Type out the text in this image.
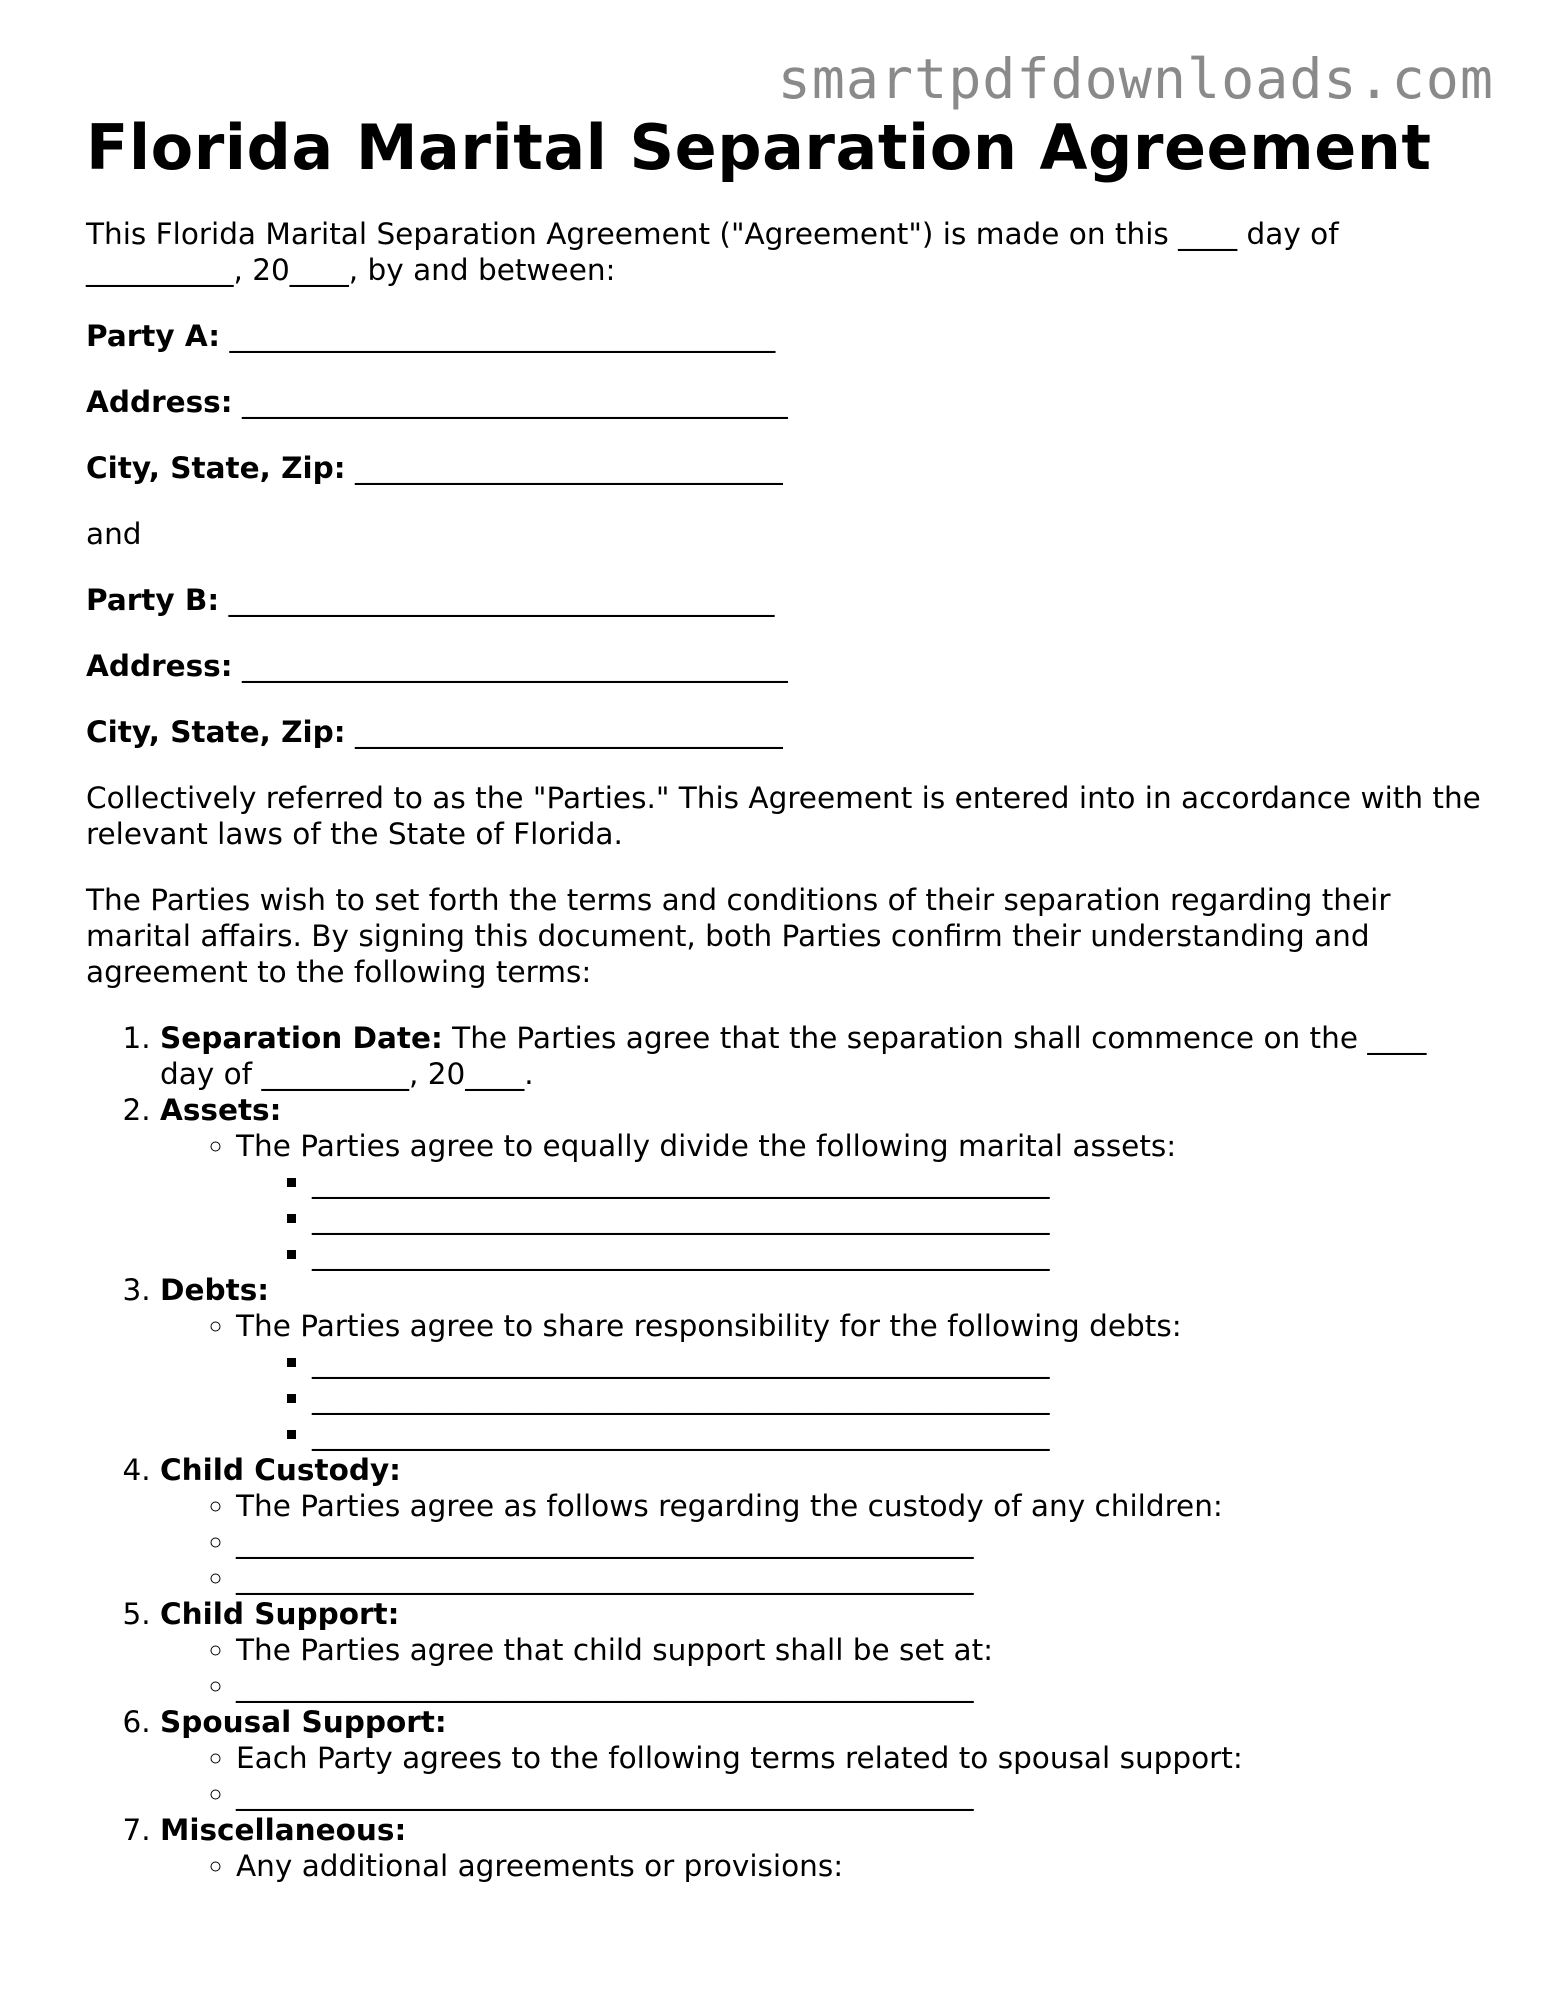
smartpdfdownloads.com
Florida Marital Separation Agreement

This Florida Marital Separation Agreement ("Agreement") is made on this ____ day of
__________, 20____, by and between:

Party A: _____________________________________

Address: _____________________________________

City, State, Zip: _____________________________

and

Party B: _____________________________________

Address: _____________________________________

City, State, Zip: _____________________________

Collectively referred to as the "Parties." This Agreement is entered into in accordance with the relevant laws of the State of Florida.

The Parties wish to set forth the terms and conditions of their separation regarding their marital affairs. By signing this document, both Parties confirm their understanding and agreement to the following terms:

1. Separation Date: The Parties agree that the separation shall commence on the ____ day of __________, 20____.
2. Assets:
◦ The Parties agree to equally divide the following marital assets:
▪ __________________________________________________
▪ __________________________________________________
▪ __________________________________________________
3. Debts:
◦ The Parties agree to share responsibility for the following debts:
▪ __________________________________________________
▪ __________________________________________________
▪ __________________________________________________
4. Child Custody:
◦ The Parties agree as follows regarding the custody of any children:
◦ __________________________________________________
◦ __________________________________________________
5. Child Support:
◦ The Parties agree that child support shall be set at:
◦ __________________________________________________
6. Spousal Support:
◦ Each Party agrees to the following terms related to spousal support:
◦ __________________________________________________
7. Miscellaneous:
◦ Any additional agreements or provisions:
